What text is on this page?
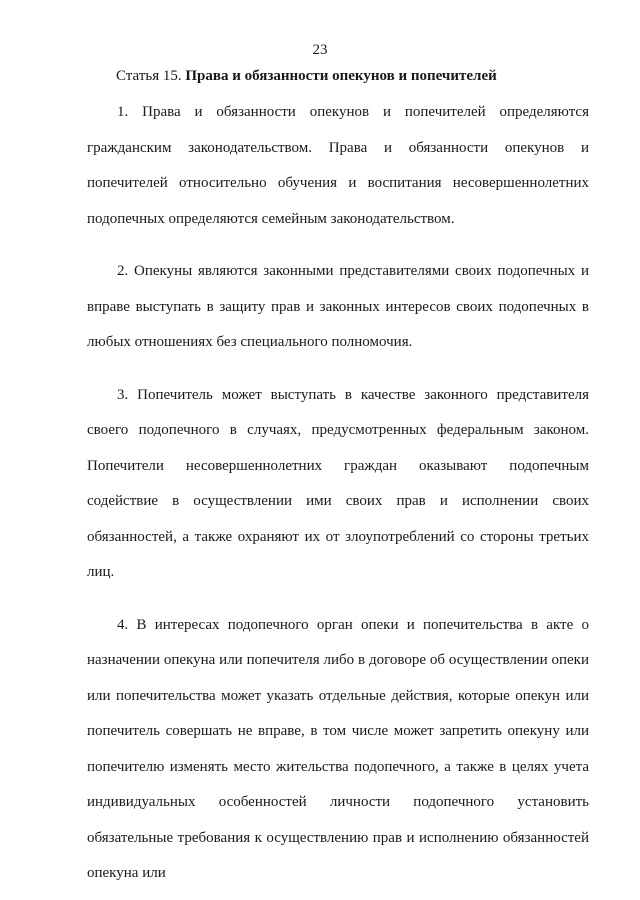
23
Статья 15. Права и обязанности опекунов и попечителей

1. Права и обязанности опекунов и попечителей определяются гражданским законодательством. Права и обязанности опекунов и попечителей относительно обучения и воспитания несовершеннолетних подопечных определяются семейным законодательством.

2. Опекуны являются законными представителями своих подопечных и вправе выступать в защиту прав и законных интересов своих подопечных в любых отношениях без специального полномочия.

3. Попечитель может выступать в качестве законного представителя своего подопечного в случаях, предусмотренных федеральным законом. Попечители несовершеннолетних граждан оказывают подопечным содействие в осуществлении ими своих прав и исполнении своих обязанностей, а также охраняют их от злоупотреблений со стороны третьих лиц.

4. В интересах подопечного орган опеки и попечительства в акте о назначении опекуна или попечителя либо в договоре об осуществлении опеки или попечительства может указать отдельные действия, которые опекун или попечитель совершать не вправе, в том числе может запретить опекуну или попечителю изменять место жительства подопечного, а также в целях учета индивидуальных особенностей личности подопечного установить обязательные требования к осуществлению прав и исполнению обязанностей опекуна или
